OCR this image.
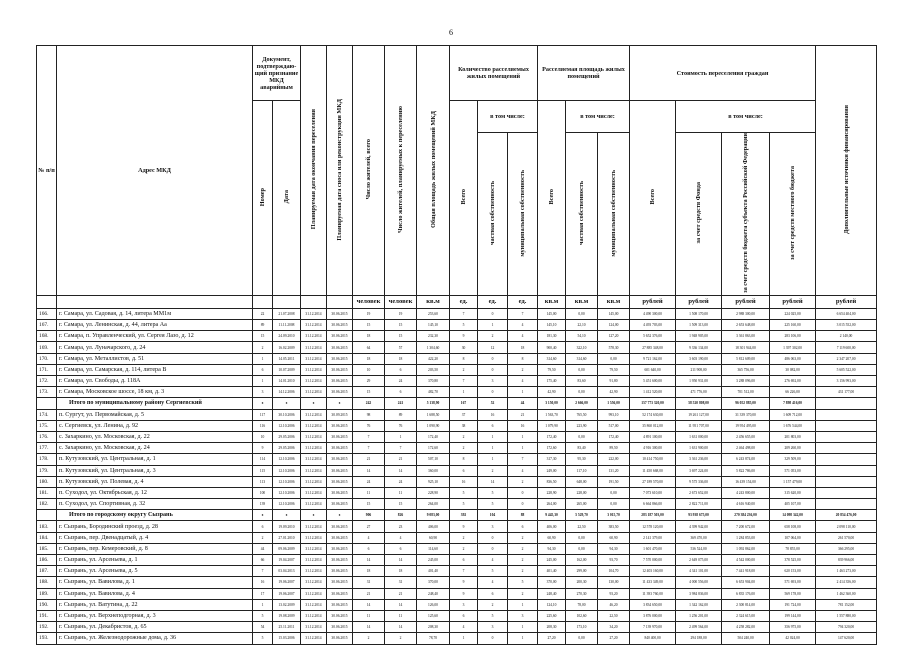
6
№ п/п	Адрес МКД	Документ, подтверждаю-щий признание МКД аварийным		Планируемая дата окончания переселения	Планируемая дата сноса или реконструкции МКД	Число жителей, всего	Число жителей, планируемых к переселению	Общая площадь жилых помещений МКД	Количество расселяемых жилых помещений			Расселяемая площадь жилых помещений			Стоимость переселения граждан				Дополнительные источники финансирования
		Номер	Дата						Всего	в том числе:		Всего	в том числе:		Всего	в том числе:			
										частная собственность	муниципальная собственность		частная собственность	муниципальная собственность		за счет средств Фонда	за счет средств бюджета субъекта Российской Федерации	за счет средств местного бюджета	
						человек	человек	кв.м	ед.	ед.	ед.	кв.м	кв.м	кв.м	рублей	рублей	рублей	рублей	рублей
166.	г. Самара, ул. Садовая, д. 14, литера ММ1м	22	21.07.2008	31.12.2014	30.06.2015	19	19	253,60	7	0	7	145,00	0,00	145,00	4 490 300,00	1 508 170,00	2 988 300,00	224 025,00	6 654 404,00
167.	г. Самара, ул. Ленинская, д. 44, литера Аа	89	11.11.2008	31.12.2014	30.06.2015	15	15	145,10	5	1	4	145,10	22,10	124,00	4 493 703,00	1 509 313,00	2 653 648,00	225 160,00	3 015 552,00
168.	г. Самара, п. Управленческий, ул. Сергея Лазо, д. 12	15	24.09.2010	31.12.2014	30.06.2015	18	15	232,30	9	2	4	181,30	54,10	127,20	5 652 376,00	1 948 905,00	3 361 863,00	283 106,00	2 140,00
169.	г. Самара, ул. Луначарского, д. 24	2	16.02.2009	31.12.2014	30.06.2015	64	57	1 304,60	30	12	18	900,40	322,10	578,30	27 885 348,00	9 336 134,00	18 301 944,00	1 397 302,00	7 119 600,00
170.	г. Самара, ул. Металлистов, д. 51	1	14.05.2011	31.12.2014	30.06.2015	18	18	422,20	8	0	8	314,60	314,60	0,00	9 721 162,00	3 603 190,00	5 812 609,00	486 063,00	2 347 207,00
171.	г. Самара, ул. Самарская, д. 114, литера В	6	10.07.2009	31.12.2014	30.06.2015	10	6	203,50	2	0	2	79,50	0,00	79,50	601 640,00	211 908,00	365 756,00	30 082,00	5 605 522,00
172.	г. Самара, ул. Свободы, д. 118А	1	14.01.2010	31.12.2014	30.06.2015	29	24	370,80	7	3	4	175,40	83,60	91,80	5 451 600,00	1 950 931,00	3 288 096,00	276 692,00	3 156 993,00
173.	г. Самара, Московское шоссе, 18 км, д. 3	3	14.12.2006	31.12.2014	30.06.2015	15	6	482,70	1	0	1	42,90	0,00	42,90	1 412 520,00	471 776,00	701 512,00	66 226,00	431 177,00
	Итого по муниципальному району Сергиевский	x	x	x	x	242	241	5 138,90	167	52	44	3 150,00	2 666,00	1 556,00	157 773 320,00	58 520 808,00	96 052 885,00	7 898 416,00	
174.	п. Сургут, ул. Первомайская, д. 5	117	30.10.2006	31.12.2014	30.09.2015	98	89	1 688,50	37	16	21	1 563,70	765,50	993,10	52 174 630,00	19 261 127,00	31 339 370,00	1 609 712,00	
175.	с. Сергиевск, ул. Ленина, д. 92	116	12.10.2006	31.12.2014	30.06.2015	76	76	1 090,90	38	6	16	1 079,90	223,90	517,00	35 860 012,00	11 951 707,00	19 954 495,00	1 676 544,00	
176.	с. Захаркино, ул. Московская, д. 22	10	29.05.2006	31.12.2014	30.06.2015	7	1	172,40	2	1	1	172,40	0,00	172,40	4 891 100,00	1 631 000,00	2 456 655,00	201 803,00	
177.	с. Захаркино, ул. Московская, д. 24	9	29.05.2006	31.12.2014	30.06.2015	7	7	172,60	2	1	1	172,60	83,40	89,50	4 916 300,00	1 631 900,00	2 464 498,00	209 260,00	
178.	п. Кутузовский, ул. Центральная, д. 1	114	12.10.2006	31.12.2014	30.06.2015	21	21	507,10	8	1	7	317,30	95,30	222,00	10 414 750,00	3 361 236,00	6 243 874,00	329 509,00	
179.	п. Кутузовский, ул. Центральная, д. 3	115	12.10.2006	31.12.2014	30.06.2015	14	14	360,00	6	2	4	249,00	117,10	131,20	11 450 668,00	3 697 224,00	5 822 786,00	571 053,00	
180.	п. Кутузовский, ул. Полевая, д. 4	113	12.10.2006	31.12.2014	30.06.2015	24	24	925,10	16	14	2	836,50	648,00	191,50	27 189 570,00	9 575 336,00	16 439 154,00	1 157 479,00	
181.	п. Суходол, ул. Октябрьская, д. 12	100	12.10.2006	31.12.2014	30.06.2015	11	11	228,90	5	5	0	228,90	228,00	0,00	7 073 610,00	2 673 652,00	4 243 800,00	315 620,00	
182.	п. Суходол, ул. Спортивная, д. 32	139	12.10.2006	31.12.2014	30.06.2015	15	15	264,00	5	5	0	264,00	265,00	0,00	6 664 866,00	2 822 711,00	4 616 940,00	405 107,00	
	Итого по городскому округу Сызрань	x	x	x	x	906	826	9 083,00	392	104	88	9 445,30	5 529,70	3 015,70	283 187 503,00	93 938 675,00	270 384 236,00	14 098 342,00	20 854 476,00
183.	г. Сызрань, Бородинский проезд, д. 28	6	19.09.2010	31.12.2014	30.06.2015	27	23	406,00	9	3	6	406,00	22,50	383,50	12 578 120,00	4 399 942,00	7 200 672,00	658 108,00	2 098 110,00
184.	г. Сызрань, пер. Двенадцатый, д. 4	2	27.01.2010	31.12.2014	30.06.2015	4	4	60,90	2	0	2	60,90	0,00	60,90	2 141 379,00	369 470,00	1 284 853,00	107 064,00	261 570,00
185.	г. Сызрань, пер. Кемеровский, д. 8	44	09.06.2009	31.12.2014	30.06.2015	6	6	114,60	2	0	2	94,30	0,00	94,30	1 601 470,00	536 524,00	1 092 862,00	78 855,00	366 295,00
186.	г. Сызрань, ул. Арсеньева, д. 1	66	19.04.2007	31.12.2014	30.06.2015	14	14	245,00	6	4	2	245,00	162,00	93,70	7 570 000,00	2 649 075,00	4 542 000,00	378 525,00	839 966,00
187.	г. Сызрань, ул. Арсеньева, д. 5	7	03.04.2013	31.12.2014	30.06.2015	18	18	401,40	7	5	2	401,40	299,00	104,70	12 403 160,00	4 341 101,00	7 441 918,00	620 153,00	1 463 273,00
188.	г. Сызрань, ул. Вавилова, д. 1	16	19.06.2007	31.12.2014	30.06.2015	31	31	370,00	9	4	5	370,00	200,30	130,00	11 433 349,00	4 000 556,00	6 653 904,00	571 693,00	2 414 356,00
189.	г. Сызрань, ул. Вавилова, д. 4	17	19.06.2007	31.12.2014	30.06.2015	21	21	248,40	9	6	2	248,40	270,30	93,20	11 393 760,00	3 984 836,00	6 835 176,00	569 178,00	1 462 360,00
190.	г. Сызрань, ул. Ватутина, д. 22	1	13.02.2009	31.12.2014	30.06.2015	14	14	126,00	3	2	1	124,10	78,00	46,20	3 834 650,00	1 342 162,00	2 300 814,00	191 724,00	781 152,00
191.	г. Сызрань, ул. Верхнеподгорная, д. 3	5	19.08.2009	31.12.2014	30.06.2015	11	11	125,60	6	5	3	225,60	102,60	22,50	3 876 000,00	1 256 201,00	2 324 615,00	199 144,00	1 557 880,00
192.	г. Сызрань, ул. Декабристов, д. 65	54	25.11.2011	31.12.2014	30.06.2015	14	14	208,30	4	3	1	208,30	173,10	34,20	7 139 970,00	2 499 564,00	4 258 282,00	356 975,00	794 320,00
193.	г. Сызрань, ул. Железнодорожные дома, д. 36	5	15.03.2006	31.12.2014	30.06.2015	2	2	78,70	1	0	1	27,20	0,00	27,20	840 400,00	294 188,00	504 240,00	42 024,00	147 620,00
